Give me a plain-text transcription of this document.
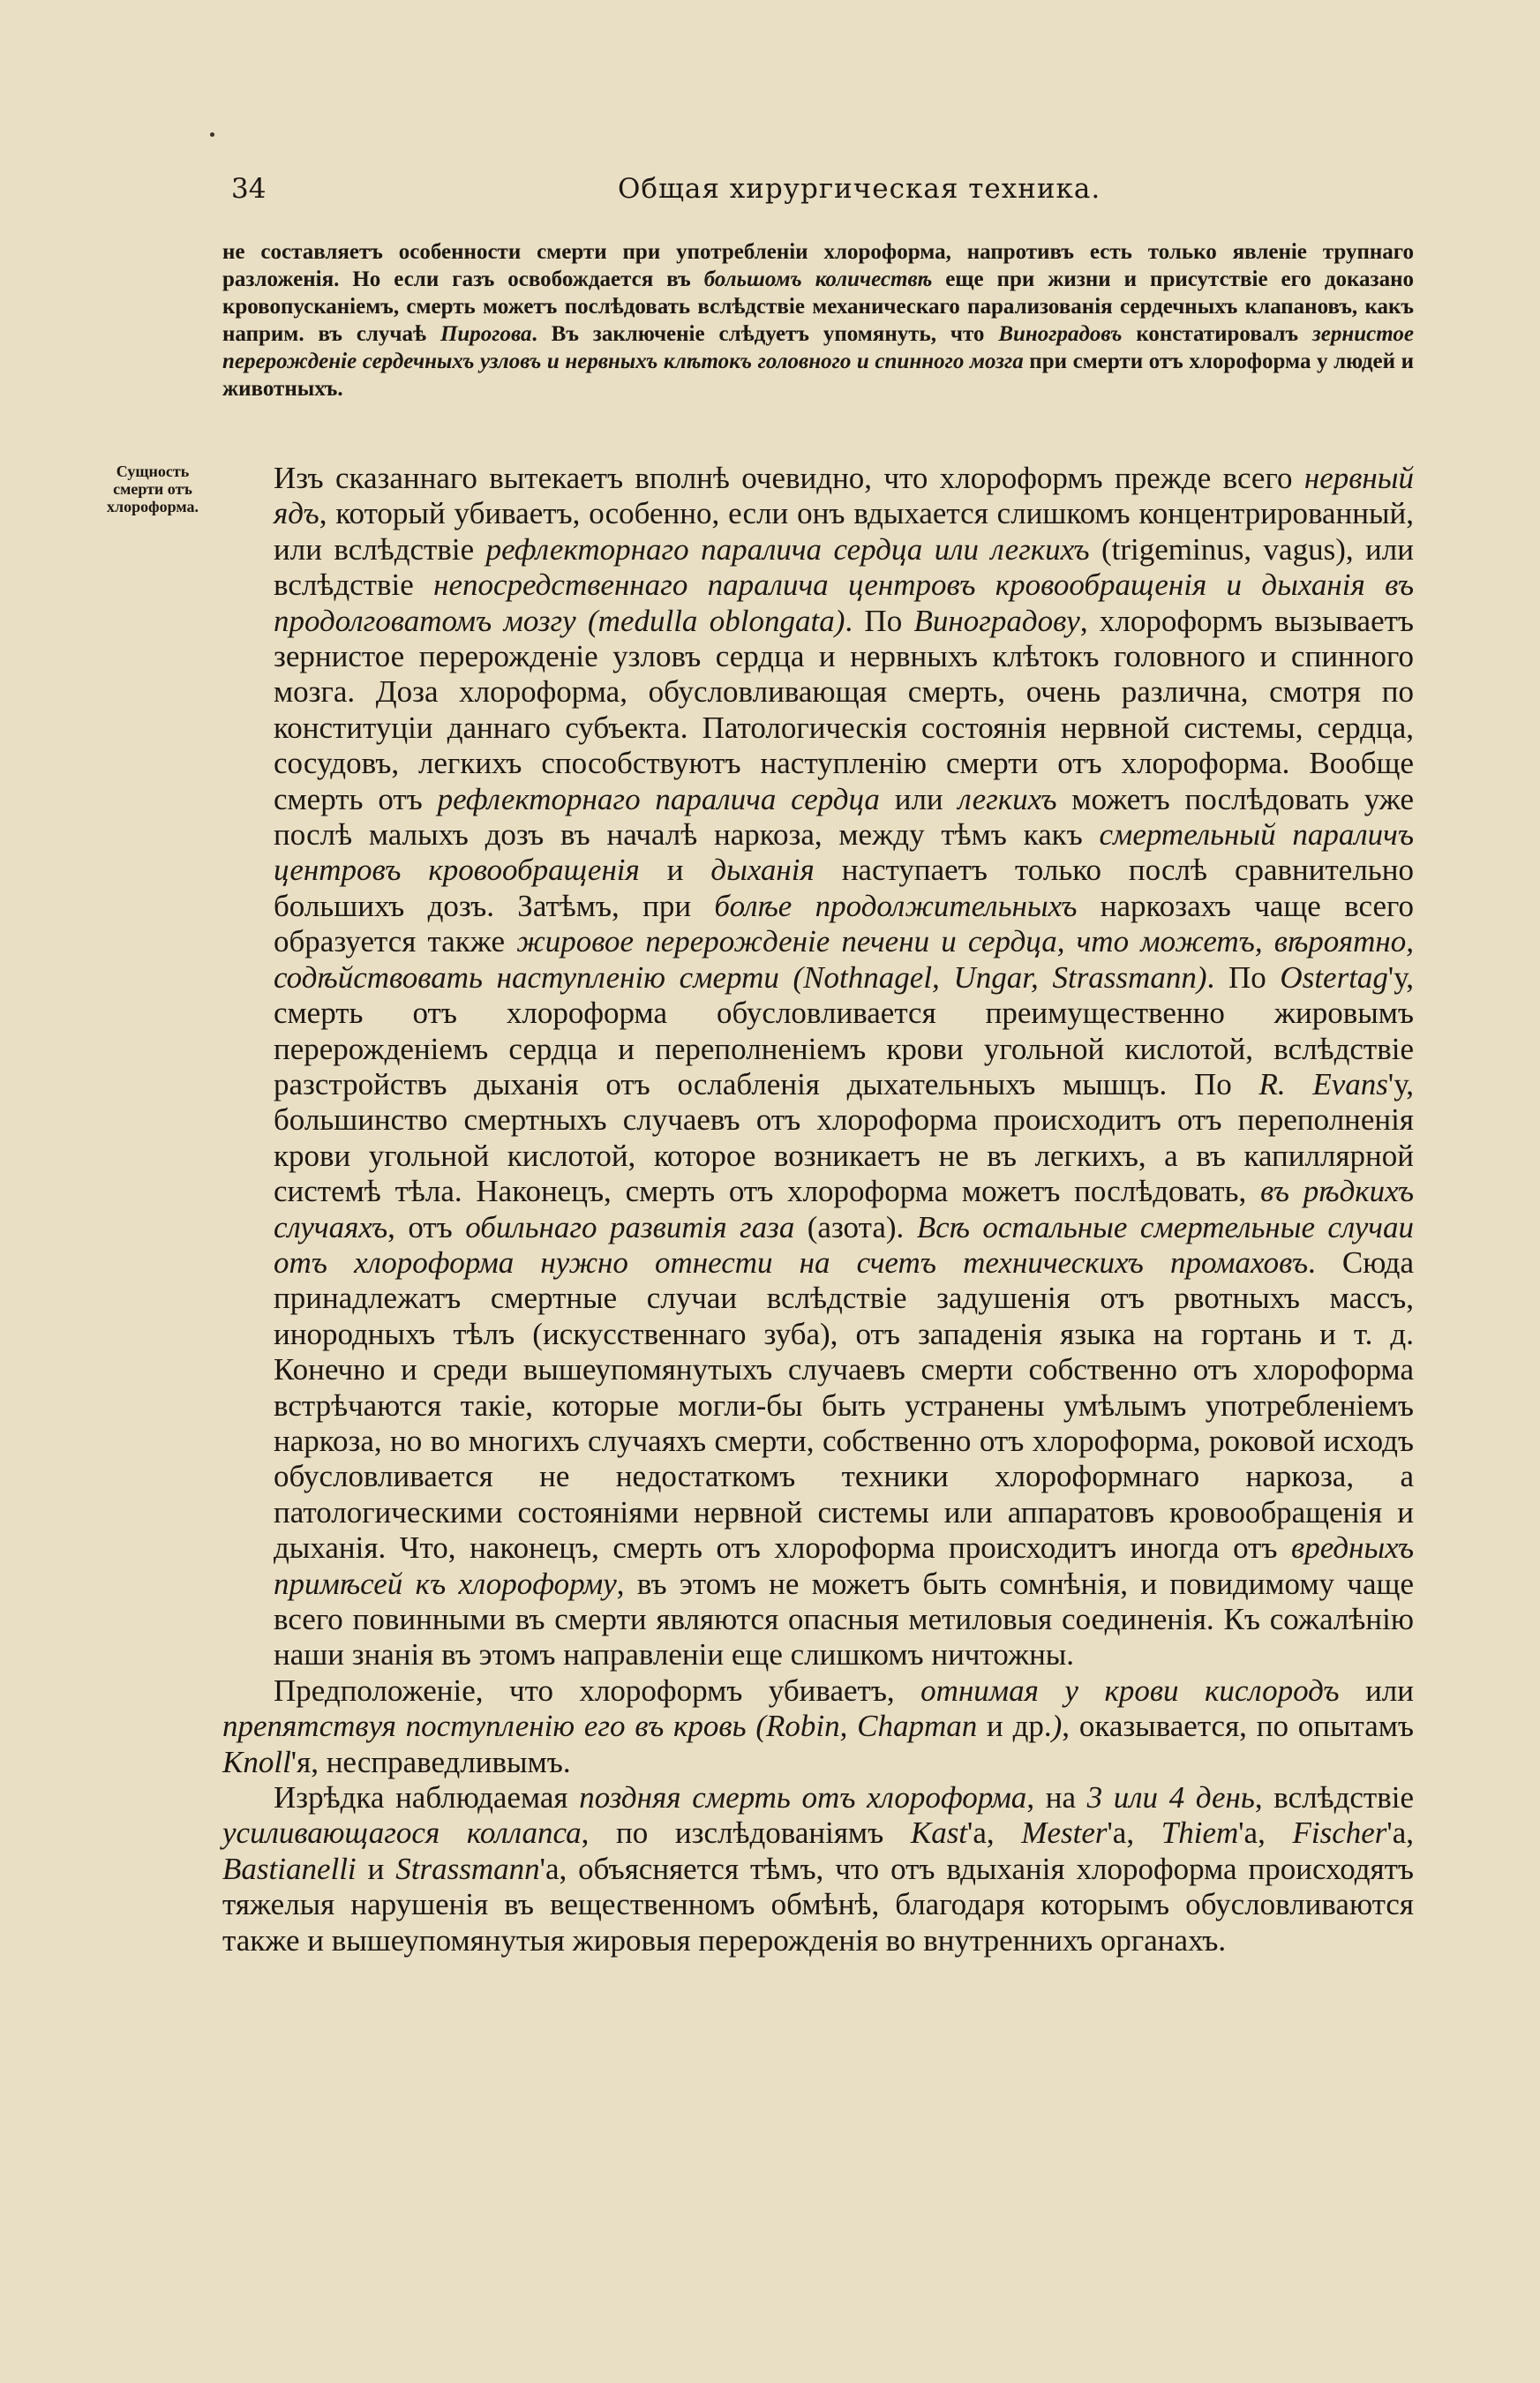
34	Общая хирургическая техника.

не составляетъ особенности смерти при употребленіи хлороформа, напротивъ есть только явленіе трупнаго разложенія. Но если газъ освобождается въ большомъ количествѣ еще при жизни и присутствіе его доказано кровопусканіемъ, смерть можетъ послѣдовать вслѣдствіе механическаго парализованія сердечныхъ клапановъ, какъ наприм. въ случаѣ Пирогова. Въ заключеніе слѣдуетъ упомянуть, что Виноградовъ констатировалъ зернистое перерожденіе сердечныхъ узловъ и нервныхъ клѣтокъ головного и спинного мозга при смерти отъ хлороформа у людей и животныхъ.

Сущность
смерти отъ
хлороформа.

Изъ сказаннаго вытекаетъ вполнѣ очевидно, что хлороформъ прежде всего нервный ядъ, который убиваетъ, особенно, если онъ вдыхается слишкомъ концентрированный, или вслѣдствіе рефлекторнаго паралича сердца или легкихъ (trigeminus, vagus), или вслѣдствіе непосредственнаго паралича центровъ кровообращенія и дыханія въ продолговатомъ мозгу (medulla oblongata). По Виноградову, хлороформъ вызываетъ зернистое перерожденіе узловъ сердца и нервныхъ клѣтокъ головного и спинного мозга. Доза хлороформа, обусловливающая смерть, очень различна, смотря по конституціи даннаго субъекта. Патологическія состоянія нервной системы, сердца, сосудовъ, легкихъ способствуютъ наступленію смерти отъ хлороформа. Вообще смерть отъ рефлекторнаго паралича сердца или легкихъ можетъ послѣдовать уже послѣ малыхъ дозъ въ началѣ наркоза, между тѣмъ какъ смертельный параличъ центровъ кровообращенія и дыханія наступаетъ только послѣ сравнительно большихъ дозъ. Затѣмъ, при болѣе продолжительныхъ наркозахъ чаще всего образуется также жировое перерожденіе печени и сердца, что можетъ, вѣроятно, содѣйствовать наступленію смерти (Nothnagel, Ungar, Strassmann). По Ostertag'у, смерть отъ хлороформа обусловливается преимущественно жировымъ перерожденіемъ сердца и переполненіемъ крови угольной кислотой, вслѣдствіе разстройствъ дыханія отъ ослабленія дыхательныхъ мышцъ. По R. Evans'у, большинство смертныхъ случаевъ отъ хлороформа происходитъ отъ переполненія крови угольной кислотой, которое возникаетъ не въ легкихъ, а въ капиллярной системѣ тѣла. Наконецъ, смерть отъ хлороформа можетъ послѣдовать, въ рѣдкихъ случаяхъ, отъ обильнаго развитія газа (азота). Всѣ остальные смертельные случаи отъ хлороформа нужно отнести на счетъ техническихъ промаховъ. Сюда принадлежатъ смертные случаи вслѣдствіе задушенія отъ рвотныхъ массъ, инородныхъ тѣлъ (искусственнаго зуба), отъ западенія языка на гортань и т. д. Конечно и среди вышеупомянутыхъ случаевъ смерти собственно отъ хлороформа встрѣчаются такіе, которые могли-бы быть устранены умѣлымъ употребленіемъ наркоза, но во многихъ случаяхъ смерти, собственно отъ хлороформа, роковой исходъ обусловливается не недостаткомъ техники хлороформнаго наркоза, а патологическими состояніями нервной системы или аппаратовъ кровообращенія и дыханія. Что, наконецъ, смерть отъ хлороформа происходитъ иногда отъ вредныхъ примѣсей къ хлороформу, въ этомъ не можетъ быть сомнѣнія, и повидимому чаще всего повинными въ смерти являются опасныя метиловыя соединенія. Къ сожалѣнію наши знанія въ этомъ направленіи еще слишкомъ ничтожны.

Предположеніе, что хлороформъ убиваетъ, отнимая у крови кислородъ или препятствуя поступленію его въ кровь (Robin, Chapman и др.), оказывается, по опытамъ Knoll'я, несправедливымъ.

Изрѣдка наблюдаемая поздняя смерть отъ хлороформа, на 3 или 4 день, вслѣдствіе усиливающагося коллапса, по изслѣдованіямъ Kast'а, Mester'а, Thiem'а, Fischer'а, Bastianelli и Strassmann'а, объясняется тѣмъ, что отъ вдыханія хлороформа происходятъ тяжелыя нарушенія въ вещественномъ обмѣнѣ, благодаря которымъ обусловливаются также и вышеупомянутыя жировыя перерожденія во внутреннихъ органахъ.
